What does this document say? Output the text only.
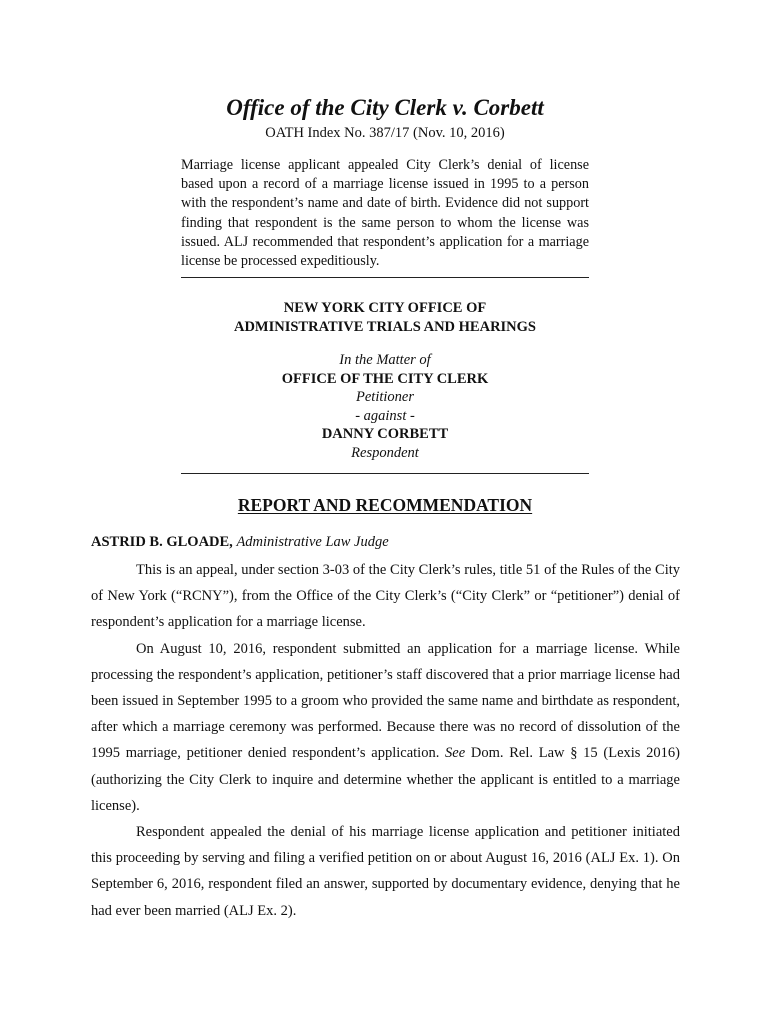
Office of the City Clerk v. Corbett
OATH Index No. 387/17 (Nov. 10, 2016)

Marriage license applicant appealed City Clerk’s denial of license based upon a record of a marriage license issued in 1995 to a person with the respondent’s name and date of birth. Evidence did not support finding that respondent is the same person to whom the license was issued. ALJ recommended that respondent’s application for a marriage license be processed expeditiously.

NEW YORK CITY OFFICE OF
ADMINISTRATIVE TRIALS AND HEARINGS
In the Matter of
OFFICE OF THE CITY CLERK
Petitioner
- against -
DANNY CORBETT
Respondent
REPORT AND RECOMMENDATION
ASTRID B. GLOADE, Administrative Law Judge

This is an appeal, under section 3-03 of the City Clerk’s rules, title 51 of the Rules of the City of New York (“RCNY”), from the Office of the City Clerk’s (“City Clerk” or “petitioner”) denial of respondent’s application for a marriage license.

On August 10, 2016, respondent submitted an application for a marriage license. While processing the respondent’s application, petitioner’s staff discovered that a prior marriage license had been issued in September 1995 to a groom who provided the same name and birthdate as respondent, after which a marriage ceremony was performed. Because there was no record of dissolution of the 1995 marriage, petitioner denied respondent’s application. See Dom. Rel. Law § 15 (Lexis 2016) (authorizing the City Clerk to inquire and determine whether the applicant is entitled to a marriage license).

Respondent appealed the denial of his marriage license application and petitioner initiated this proceeding by serving and filing a verified petition on or about August 16, 2016 (ALJ Ex. 1). On September 6, 2016, respondent filed an answer, supported by documentary evidence, denying that he had ever been married (ALJ Ex. 2).
